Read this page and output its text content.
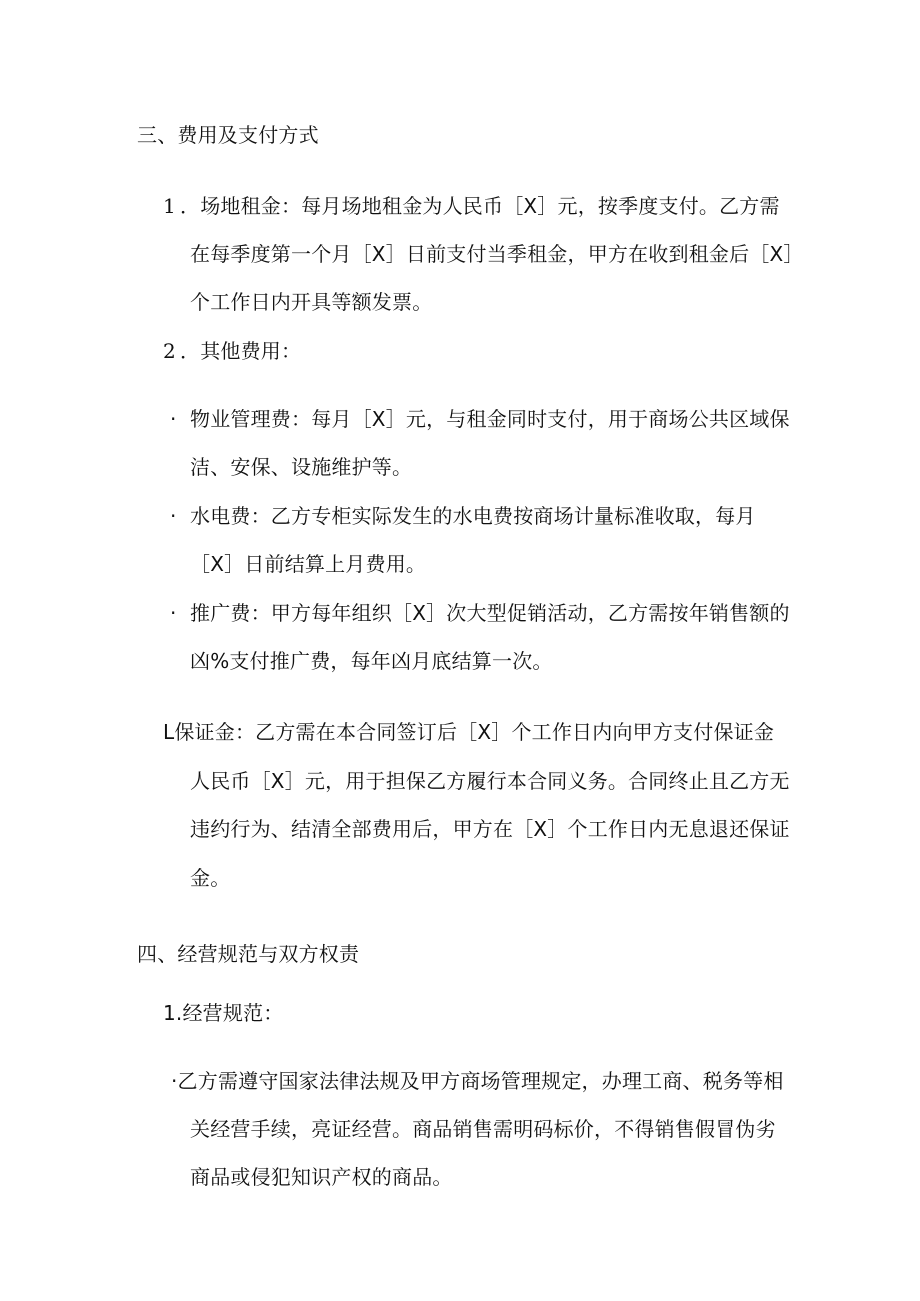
三、费用及支付方式
1 ．场地租金：每月场地租金为人民币［X］元，按季度支付。乙方需
在每季度第一个月［X］日前支付当季租金，甲方在收到租金后［X］
个工作日内开具等额发票。
2 ．其他费用：
· 物业管理费：每月［X］元，与租金同时支付，用于商场公共区域保
洁、安保、设施维护等。
· 水电费：乙方专柜实际发生的水电费按商场计量标准收取，每月
［X］日前结算上月费用。
· 推广费：甲方每年组织［X］次大型促销活动，乙方需按年销售额的
凶%支付推广费，每年凶月底结算一次。
L保证金：乙方需在本合同签订后［X］个工作日内向甲方支付保证金
人民币［X］元，用于担保乙方履行本合同义务。合同终止且乙方无
违约行为、结清全部费用后，甲方在［X］个工作日内无息退还保证
金。
四、经营规范与双方权责
1.经营规范：
·乙方需遵守国家法律法规及甲方商场管理规定，办理工商、税务等相
关经营手续，亮证经营。商品销售需明码标价，不得销售假冒伪劣
商品或侵犯知识产权的商品。
